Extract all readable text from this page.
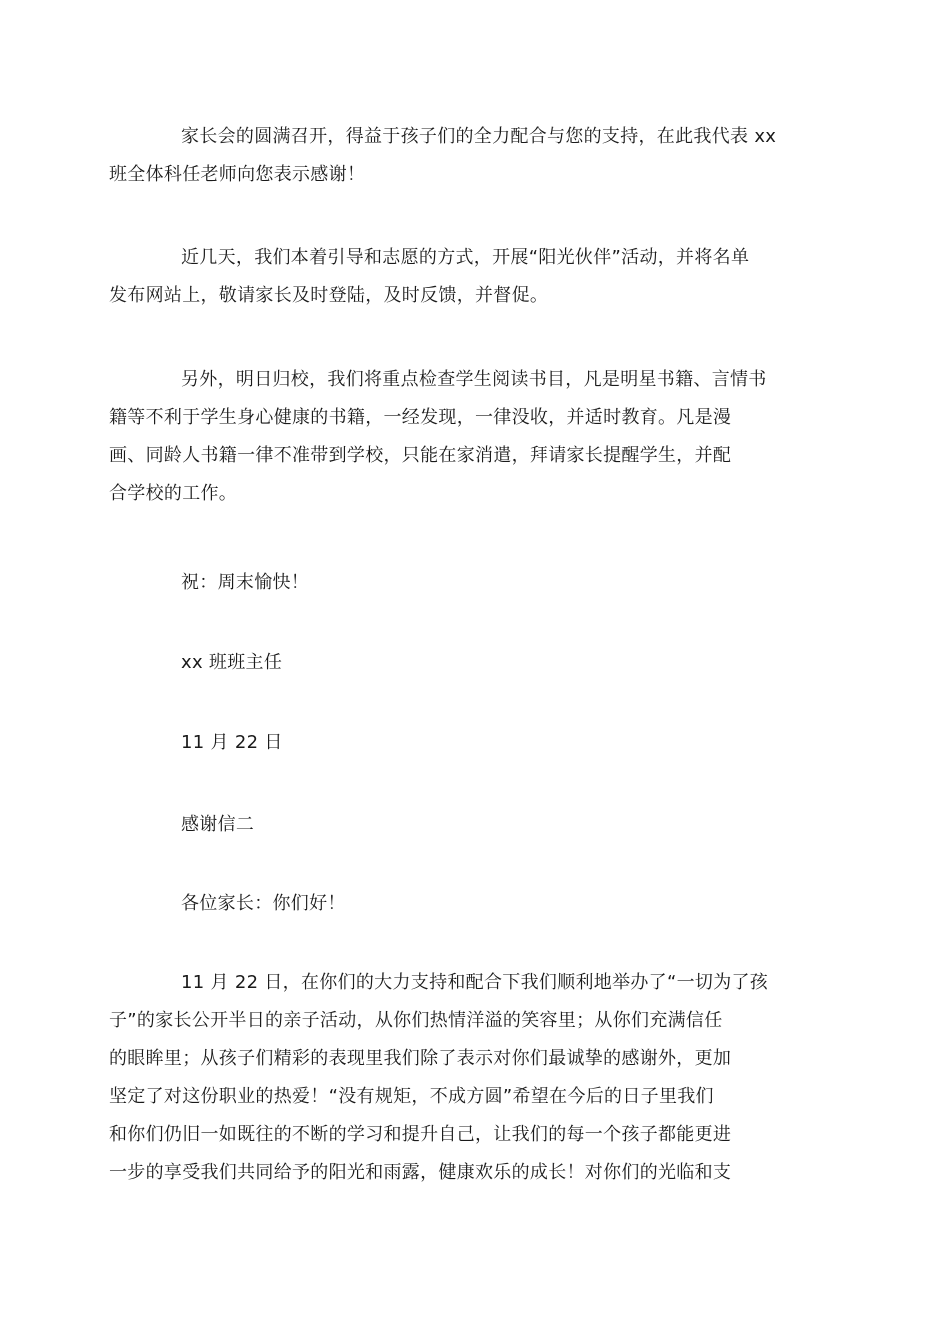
家长会的圆满召开，得益于孩子们的全力配合与您的支持，在此我代表 xx
班全体科任老师向您表示感谢！

近几天，我们本着引导和志愿的方式，开展“阳光伙伴”活动，并将名单
发布网站上，敬请家长及时登陆，及时反馈，并督促。

另外，明日归校，我们将重点检查学生阅读书目，凡是明星书籍、言情书
籍等不利于学生身心健康的书籍，一经发现，一律没收，并适时教育。凡是漫
画、同龄人书籍一律不准带到学校，只能在家消遣，拜请家长提醒学生，并配
合学校的工作。

祝：周末愉快！

xx 班班主任

11 月 22 日

感谢信二

各位家长：你们好！

11 月 22 日，在你们的大力支持和配合下我们顺利地举办了“一切为了孩
子”的家长公开半日的亲子活动，从你们热情洋溢的笑容里；从你们充满信任
的眼眸里；从孩子们精彩的表现里我们除了表示对你们最诚挚的感谢外，更加
坚定了对这份职业的热爱！“没有规矩，不成方圆”希望在今后的日子里我们
和你们仍旧一如既往的不断的学习和提升自己，让我们的每一个孩子都能更进
一步的享受我们共同给予的阳光和雨露，健康欢乐的成长！对你们的光临和支
